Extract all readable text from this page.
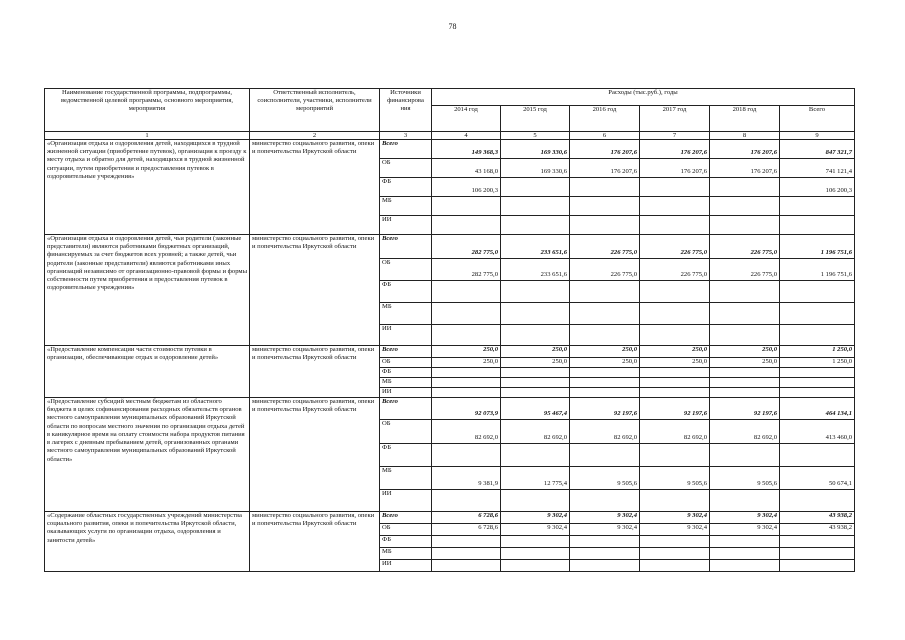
78
Наименование государственной программы, подпрограммы, ведомственной целевой программы, основного мероприятия, мероприятия	Ответственный исполнитель, соисполнители, участники, исполнители мероприятий	Источники финансирова ния	Расходы (тыс.руб.), годы					
			2014 год	2015 год	2016 год	2017 год	2018 год	Всего
1	2	3	4	5	6	7	8	9
«Организация отдыха и оздоровления детей, находящихся в трудной жизненной ситуации (приобретение путевок), организация к проезду к месту отдыха и обратно для детей, находящихся в трудной жизненной ситуации, путем приобретения и предоставления путевок в оздоровительные учреждения»	министерство социального развития, опеки и попечительства Иркутской области	Всего	149 368,3	169 330,6	176 207,6	176 207,6	176 207,6	847 321,7

		ОБ	43 168,0	169 330,6	176 207,6	176 207,6	176 207,6	741 121,4

		ФБ	106 200,3					106 200,3

		МБ	

		ИИ	

«Организация отдыха и оздоровления детей, чьи родители (законные представители) являются работниками бюджетных организаций, финансируемых за счет бюджетов всех уровней; а также детей, чьи родители (законные представители) являются работниками иных организаций независимо от организационно-правовой формы и формы собственности путем приобретения и предоставления путевок в оздоровительные учреждения»	министерство социального развития, опеки и попечительства Иркутской области	Всего	282 775,0	233 651,6	226 775,0	226 775,0	226 775,0	1 196 751,6

		ОБ	282 775,0	233 651,6	226 775,0	226 775,0	226 775,0	1 196 751,6

		ФБ	

		МБ	

		ИИ	

«Предоставление компенсации части стоимости путевки в организации, обеспечивающие отдых и оздоровление детей»	министерство социального развития, опеки и попечительства Иркутской области	Всего	250,0	250,0	250,0	250,0	250,0	1 250,0

		ОБ	250,0	250,0	250,0	250,0	250,0	1 250,0

		ФБ	

		МБ	

		ИИ	

«Предоставление субсидий местным бюджетам из областного бюджета в целях софинансирования расходных обязательств органов местного самоуправления муниципальных образований Иркутской области по вопросам местного значения по организации отдыха детей в каникулярное время на оплату стоимости набора продуктов питания в лагерях с дневным пребыванием детей, организованных органами местного самоуправления муниципальных образований Иркутской области»	министерство социального развития, опеки и попечительства Иркутской области	Всего	92 073,9	95 467,4	92 197,6	92 197,6	92 197,6	464 134,1

		ОБ	82 692,0	82 692,0	82 692,0	82 692,0	82 692,0	413 460,0

		ФБ	

		МБ	9 381,9	12 775,4	9 505,6	9 505,6	9 505,6	50 674,1

		ИИ	

«Содержание областных государственных учреждений министерства социального развития, опеки и попечительства Иркутской области, оказывающих услуги по организации отдыха, оздоровления и занятости детей»	министерство социального развития, опеки и попечительства Иркутской области	Всего	6 728,6	9 302,4	9 302,4	9 302,4	9 302,4	43 938,2

		ОБ	6 728,6	9 302,4	9 302,4	9 302,4	9 302,4	43 938,2

		ФБ	

		МБ	

		ИИ	
